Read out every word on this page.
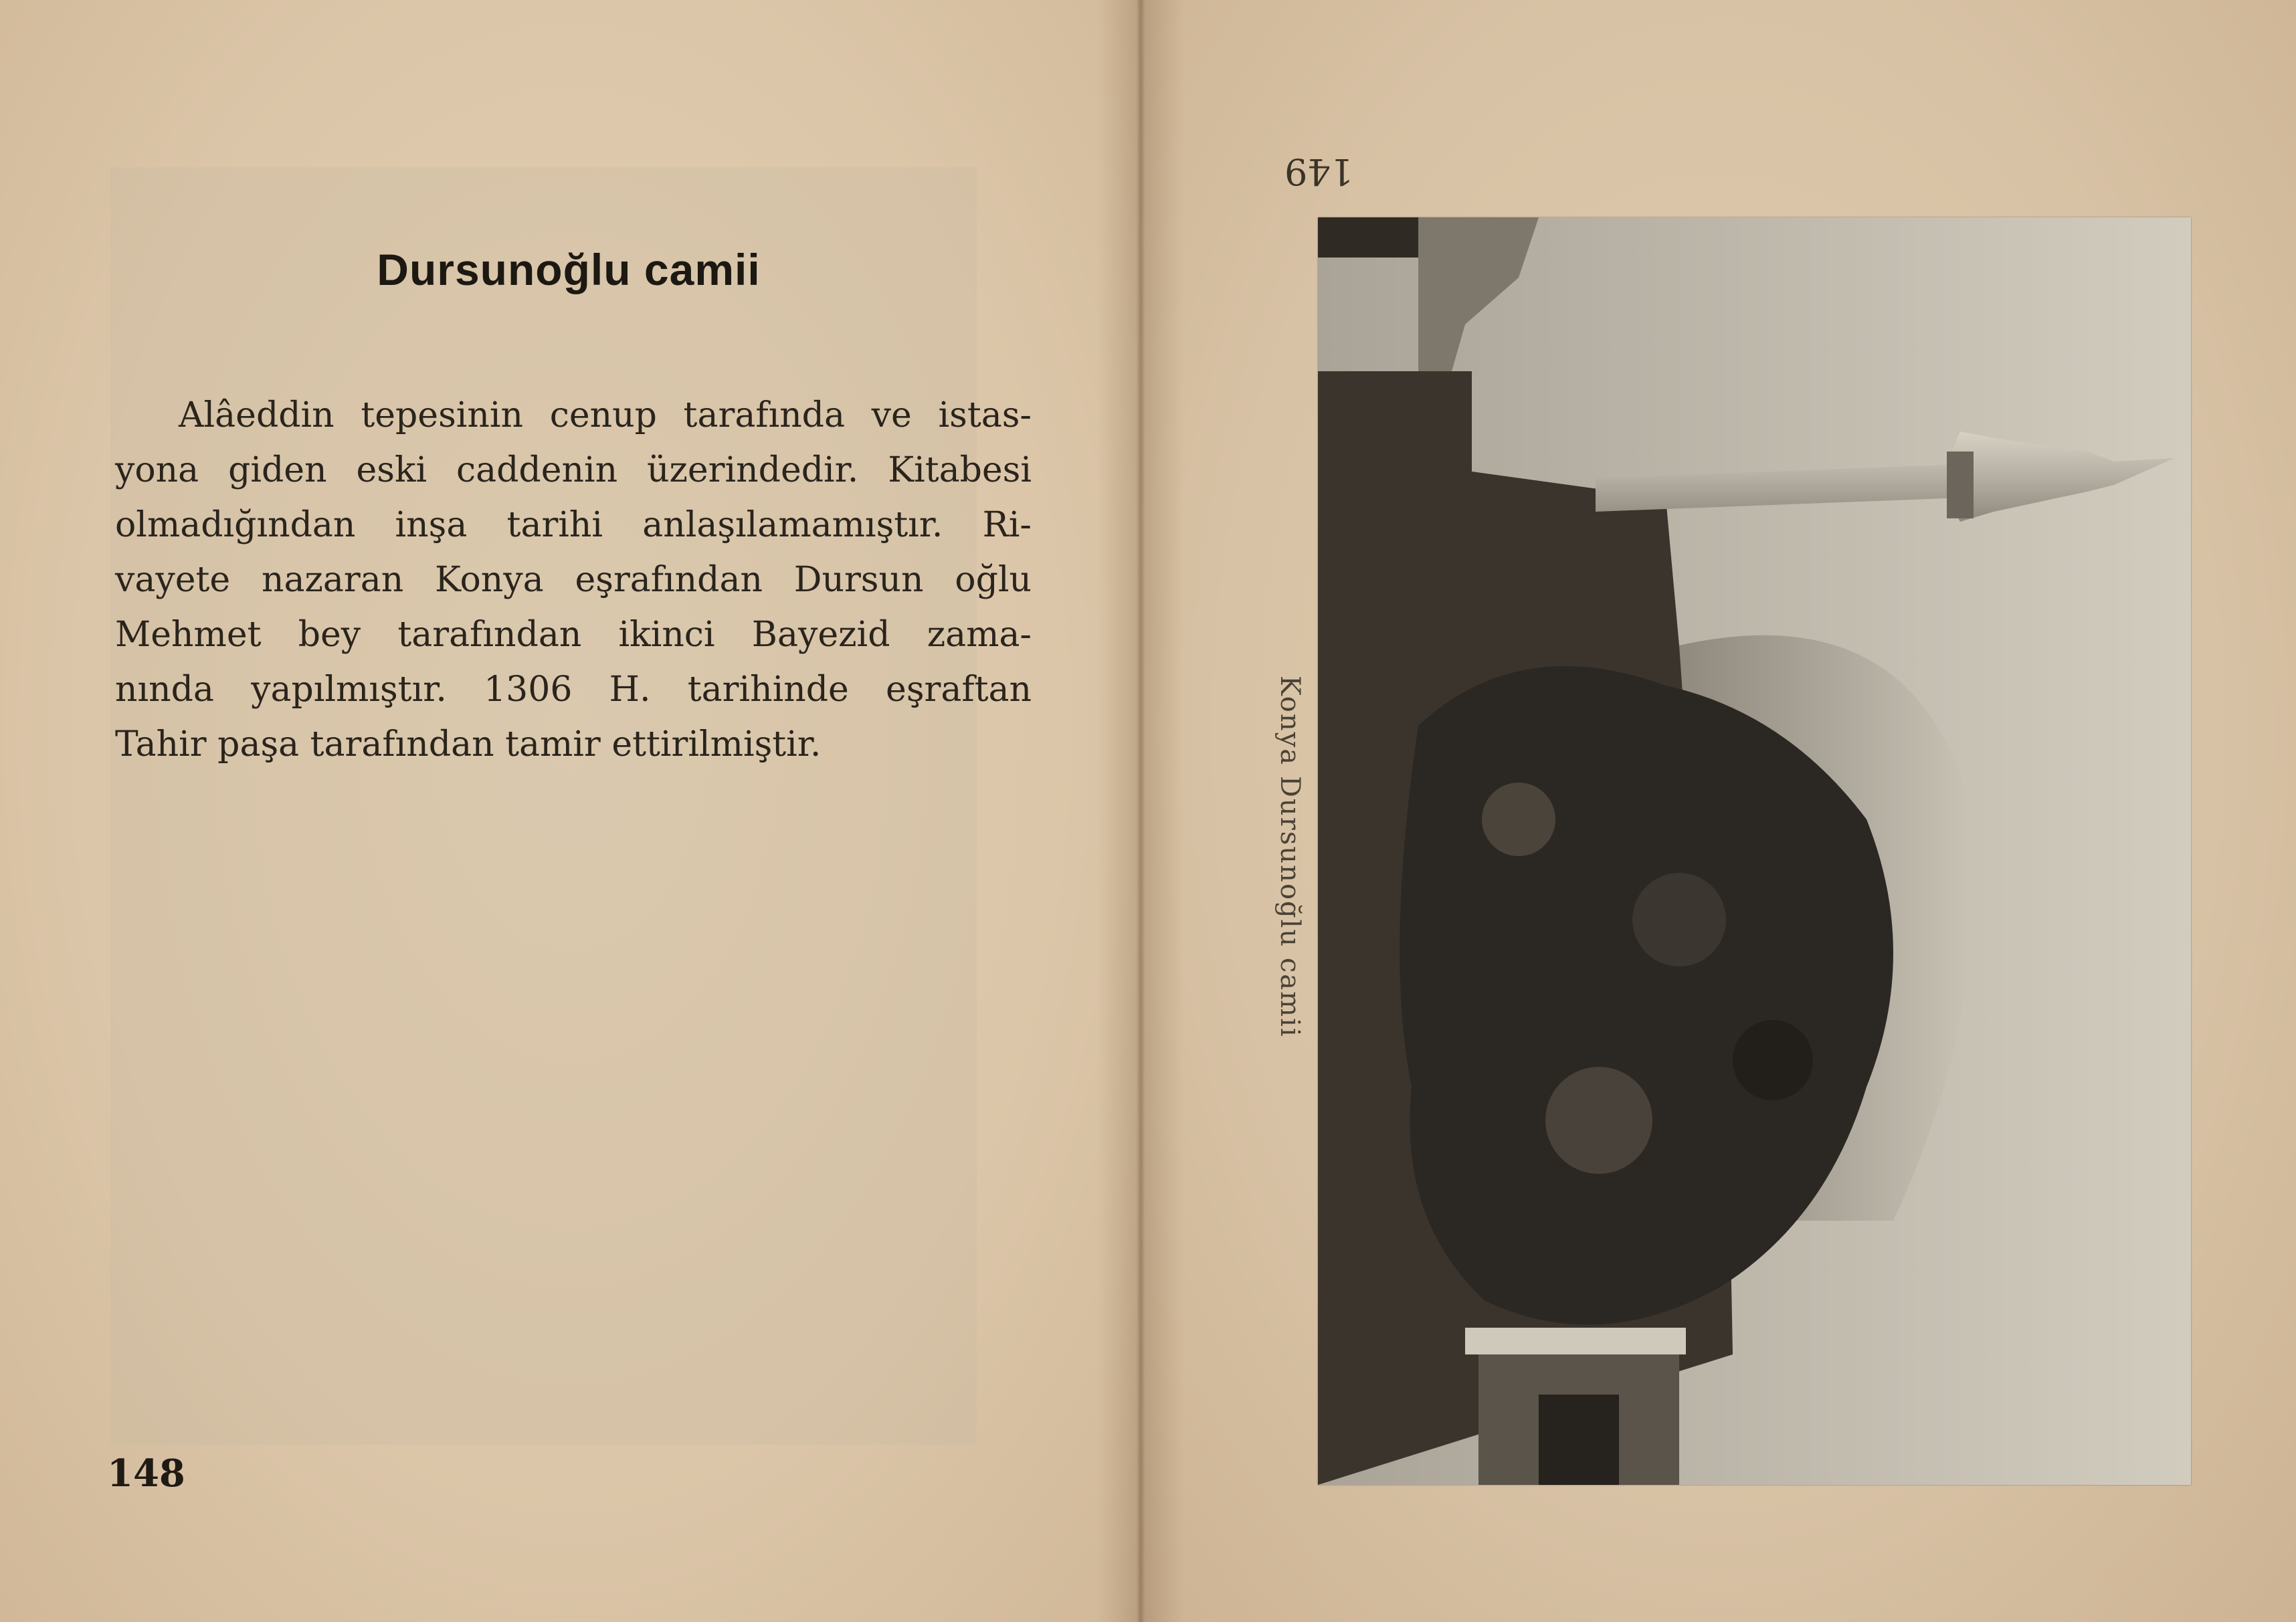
Dursunoğlu camii
Alâeddin tepesinin cenup tarafında ve istas-
yona giden eski caddenin üzerindedir. Kitabesi
olmadığından inşa tarihi anlaşılamamıştır. Ri-
vayete nazaran Konya eşrafından Dursun oğlu
Mehmet bey tarafından ikinci Bayezid zama-
nında yapılmıştır. 1306 H. tarihinde eşraftan
Tahir paşa tarafından tamir ettirilmiştir.
148
149
Konya Dursunoğlu camii
